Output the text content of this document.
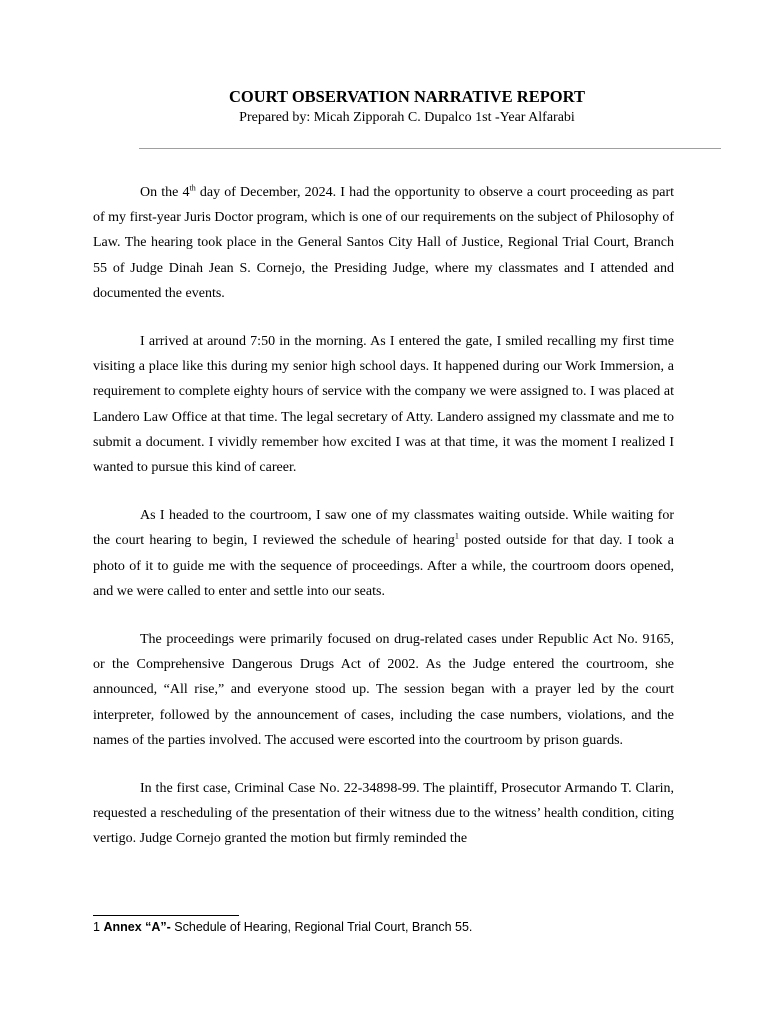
COURT OBSERVATION NARRATIVE REPORT

Prepared by: Micah Zipporah C. Dupalco 1st -Year Alfarabi

On the 4th day of December, 2024. I had the opportunity to observe a court proceeding as part of my first-year Juris Doctor program, which is one of our requirements on the subject of Philosophy of Law. The hearing took place in the General Santos City Hall of Justice, Regional Trial Court, Branch 55 of Judge Dinah Jean S. Cornejo, the Presiding Judge, where my classmates and I attended and documented the events.

I arrived at around 7:50 in the morning. As I entered the gate, I smiled recalling my first time visiting a place like this during my senior high school days. It happened during our Work Immersion, a requirement to complete eighty hours of service with the company we were assigned to. I was placed at Landero Law Office at that time. The legal secretary of Atty. Landero assigned my classmate and me to submit a document. I vividly remember how excited I was at that time, it was the moment I realized I wanted to pursue this kind of career.

As I headed to the courtroom, I saw one of my classmates waiting outside. While waiting for the court hearing to begin, I reviewed the schedule of hearing$^1$ posted outside for that day. I took a photo of it to guide me with the sequence of proceedings. After a while, the courtroom doors opened, and we were called to enter and settle into our seats.

The proceedings were primarily focused on drug-related cases under Republic Act No. 9165, or the Comprehensive Dangerous Drugs Act of 2002. As the Judge entered the courtroom, she announced, “All rise,” and everyone stood up. The session began with a prayer led by the court interpreter, followed by the announcement of cases, including the case numbers, violations, and the names of the parties involved. The accused were escorted into the courtroom by prison guards.

In the first case, Criminal Case No. 22-34898-99. The plaintiff, Prosecutor Armando T. Clarin, requested a rescheduling of the presentation of their witness due to the witness’ health condition, citing vertigo. Judge Cornejo granted the motion but firmly reminded the

1 Annex “A”- Schedule of Hearing, Regional Trial Court, Branch 55.
